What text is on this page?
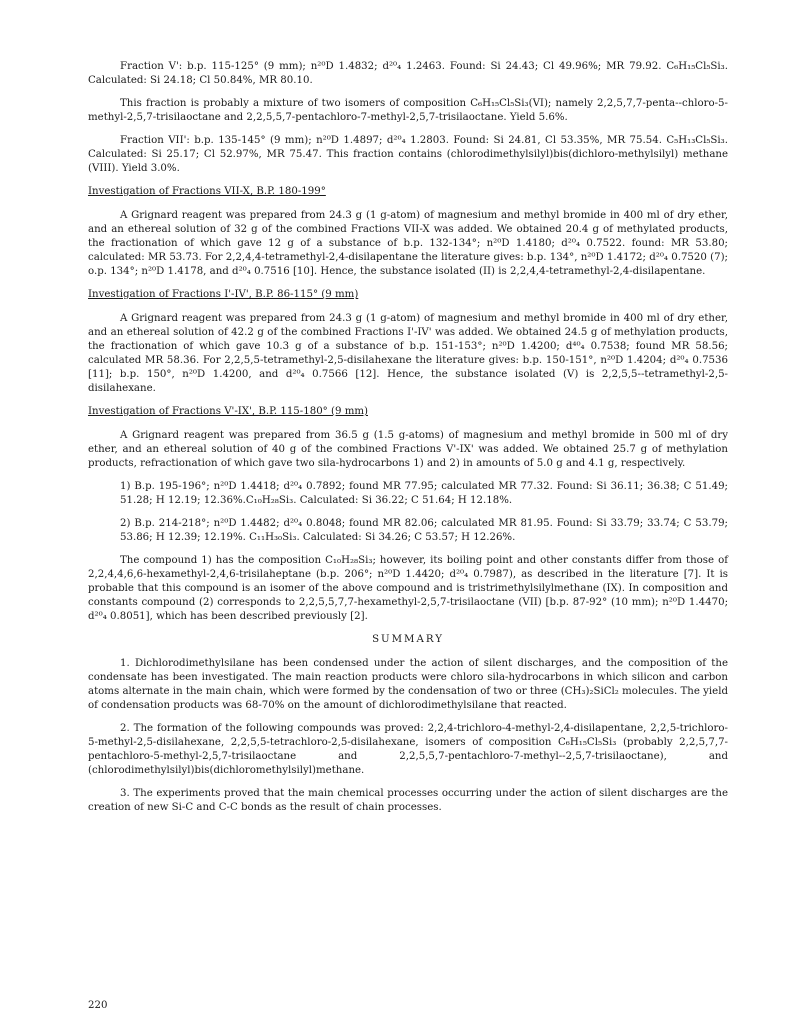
Fraction V': b.p. 115-125° (9 mm); n²⁰D 1.4832; d²⁰₄ 1.2463. Found: Si 24.43; Cl 49.96%; MR 79.92. C₆H₁₅Cl₅Si₃. Calculated: Si 24.18; Cl 50.84%, MR 80.10.

This fraction is probably a mixture of two isomers of composition C₆H₁₅Cl₅Si₃(VI); namely 2,2,5,7,7-penta--chloro-5-methyl-2,5,7-trisilaoctane and 2,2,5,5,7-pentachloro-7-methyl-2,5,7-trisilaoctane. Yield 5.6%.

Fraction VII': b.p. 135-145° (9 mm); n²⁰D 1.4897; d²⁰₄ 1.2803. Found: Si 24.81, Cl 53.35%, MR 75.54. C₅H₁₃Cl₅Si₃. Calculated: Si 25.17; Cl 52.97%, MR 75.47. This fraction contains (chlorodimethylsilyl)bis(dichloro-methylsilyl) methane (VIII). Yield 3.0%.

Investigation of Fractions VII-X, B.P. 180-199°

A Grignard reagent was prepared from 24.3 g (1 g-atom) of magnesium and methyl bromide in 400 ml of dry ether, and an ethereal solution of 32 g of the combined Fractions VII-X was added. We obtained 20.4 g of methylated products, the fractionation of which gave 12 g of a substance of b.p. 132-134°; n²⁰D 1.4180; d²⁰₄ 0.7522. found: MR 53.80; calculated: MR 53.73. For 2,2,4,4-tetramethyl-2,4-disilapentane the literature gives: b.p. 134°, n²⁰D 1.4172; d²⁰₄ 0.7520 (7); o.p. 134°; n²⁰D 1.4178, and d²⁰₄ 0.7516 [10]. Hence, the substance isolated (II) is 2,2,4,4-tetramethyl-2,4-disilapentane.

Investigation of Fractions I'-IV', B.P. 86-115° (9 mm)

A Grignard reagent was prepared from 24.3 g (1 g-atom) of magnesium and methyl bromide in 400 ml of dry ether, and an ethereal solution of 42.2 g of the combined Fractions I'-IV' was added. We obtained 24.5 g of methylation products, the fractionation of which gave 10.3 g of a substance of b.p. 151-153°; n²⁰D 1.4200; d⁴⁰₄ 0.7538; found MR 58.56; calculated MR 58.36. For 2,2,5,5-tetramethyl-2,5-disilahexane the literature gives: b.p. 150-151°, n²⁰D 1.4204; d²⁰₄ 0.7536 [11]; b.p. 150°, n²⁰D 1.4200, and d²⁰₄ 0.7566 [12]. Hence, the substance isolated (V) is 2,2,5,5--tetramethyl-2,5-disilahexane.

Investigation of Fractions V'-IX', B.P. 115-180° (9 mm)

A Grignard reagent was prepared from 36.5 g (1.5 g-atoms) of magnesium and methyl bromide in 500 ml of dry ether, and an ethereal solution of 40 g of the combined Fractions V'-IX' was added. We obtained 25.7 g of methylation products, refractionation of which gave two sila-hydrocarbons 1) and 2) in amounts of 5.0 g and 4.1 g, respectively.

1) B.p. 195-196°; n²⁰D 1.4418; d²⁰₄ 0.7892; found MR 77.95; calculated MR 77.32. Found: Si 36.11; 36.38; C 51.49; 51.28; H 12.19; 12.36%.C₁₀H₂₈Si₃. Calculated: Si 36.22; C 51.64; H 12.18%.

2) B.p. 214-218°; n²⁰D 1.4482; d²⁰₄ 0.8048; found MR 82.06; calculated MR 81.95. Found: Si 33.79; 33.74; C 53.79; 53.86; H 12.39; 12.19%. C₁₁H₃₀Si₃. Calculated: Si 34.26; C 53.57; H 12.26%.

The compound 1) has the composition C₁₀H₂₈Si₃; however, its boiling point and other constants differ from those of 2,2,4,4,6,6-hexamethyl-2,4,6-trisilaheptane (b.p. 206°; n²⁰D 1.4420; d²⁰₄ 0.7987), as described in the literature [7]. It is probable that this compound is an isomer of the above compound and is tristrimethylsilylmethane (IX). In composition and constants compound (2) corresponds to 2,2,5,5,7,7-hexamethyl-2,5,7-trisilaoctane (VII) [b.p. 87-92° (10 mm); n²⁰D 1.4470; d²⁰₄ 0.8051], which has been described previously [2].

SUMMARY

1. Dichlorodimethylsilane has been condensed under the action of silent discharges, and the composition of the condensate has been investigated. The main reaction products were chloro sila-hydrocarbons in which silicon and carbon atoms alternate in the main chain, which were formed by the condensation of two or three (CH₃)₂SiCl₂ molecules. The yield of condensation products was 68-70% on the amount of dichlorodimethylsilane that reacted.

2. The formation of the following compounds was proved: 2,2,4-trichloro-4-methyl-2,4-disilapentane, 2,2,5-trichloro-5-methyl-2,5-disilahexane, 2,2,5,5-tetrachloro-2,5-disilahexane, isomers of composition C₆H₁₅Cl₅Si₃ (probably 2,2,5,7,7-pentachloro-5-methyl-2,5,7-trisilaoctane and 2,2,5,5,7-pentachloro-7-methyl--2,5,7-trisilaoctane), and (chlorodimethylsilyl)bis(dichloromethylsilyl)methane.

3. The experiments proved that the main chemical processes occurring under the action of silent discharges are the creation of new Si-C and C-C bonds as the result of chain processes.

220
